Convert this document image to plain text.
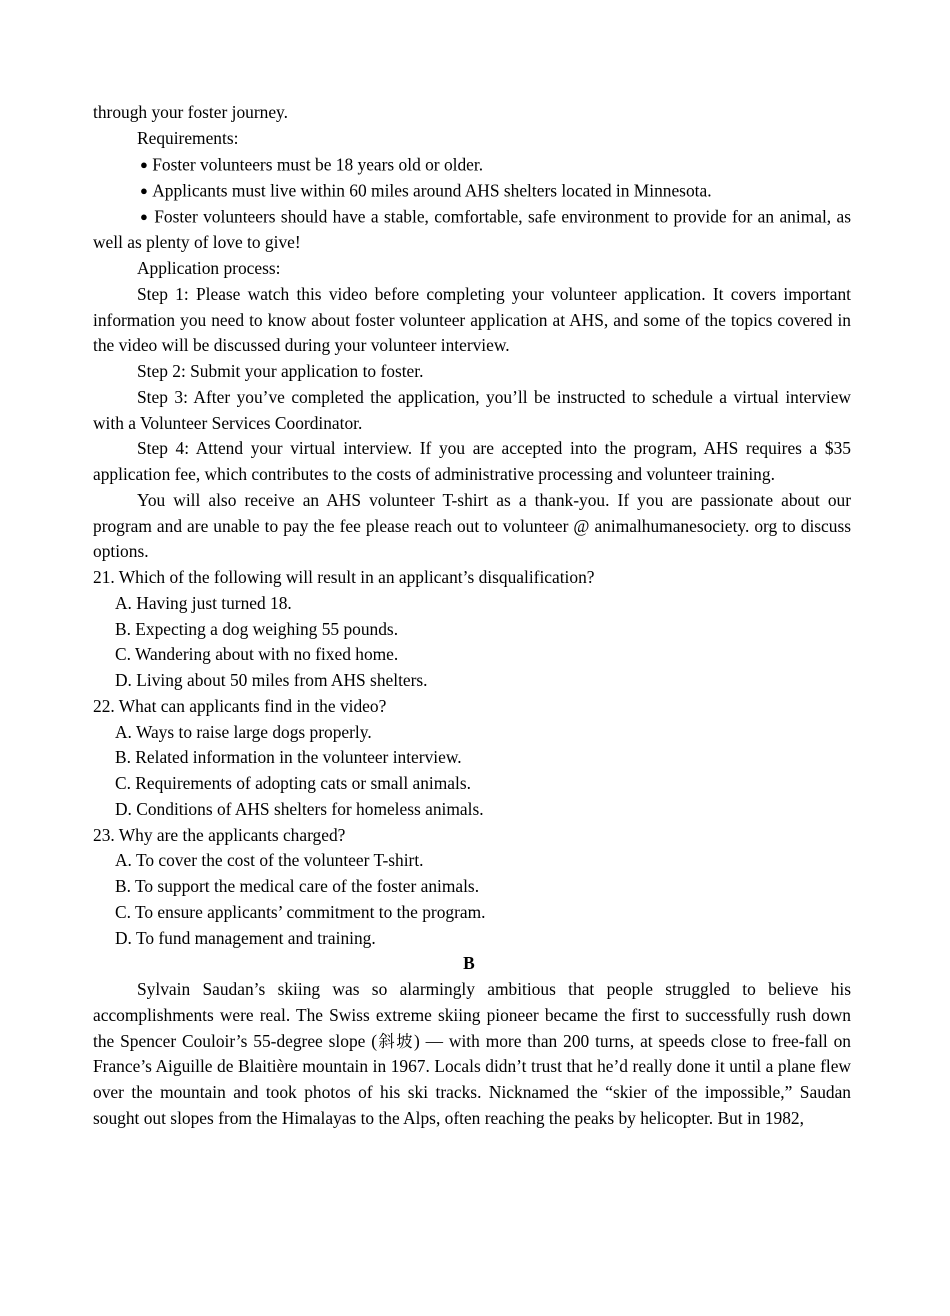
through your foster journey.

Requirements:

● Foster volunteers must be 18 years old or older.

● Applicants must live within 60 miles around AHS shelters located in Minnesota.

● Foster volunteers should have a stable, comfortable, safe environment to provide for an animal, as well as plenty of love to give!

Application process:

Step 1: Please watch this video before completing your volunteer application. It covers important information you need to know about foster volunteer application at AHS, and some of the topics covered in the video will be discussed during your volunteer interview.

Step 2: Submit your application to foster.

Step 3: After you’ve completed the application, you’ll be instructed to schedule a virtual interview with a Volunteer Services Coordinator.

Step 4: Attend your virtual interview. If you are accepted into the program, AHS requires a $35 application fee, which contributes to the costs of administrative processing and volunteer training.

You will also receive an AHS volunteer T-shirt as a thank-you. If you are passionate about our program and are unable to pay the fee please reach out to volunteer @ animalhumanesociety. org to discuss options.

21. Which of the following will result in an applicant’s disqualification?

A. Having just turned 18.

B. Expecting a dog weighing 55 pounds.

C. Wandering about with no fixed home.

D. Living about 50 miles from AHS shelters.

22. What can applicants find in the video?

A. Ways to raise large dogs properly.

B. Related information in the volunteer interview.

C. Requirements of adopting cats or small animals.

D. Conditions of AHS shelters for homeless animals.

23. Why are the applicants charged?

A. To cover the cost of the volunteer T-shirt.

B. To support the medical care of the foster animals.

C. To ensure applicants’ commitment to the program.

D. To fund management and training.

B

Sylvain Saudan’s skiing was so alarmingly ambitious that people struggled to believe his accomplishments were real. The Swiss extreme skiing pioneer became the first to successfully rush down the Spencer Couloir’s 55-degree slope (斜坡) — with more than 200 turns, at speeds close to free-fall on France’s Aiguille de Blaitière mountain in 1967. Locals didn’t trust that he’d really done it until a plane flew over the mountain and took photos of his ski tracks. Nicknamed the “skier of the impossible,” Saudan sought out slopes from the Himalayas to the Alps, often reaching the peaks by helicopter. But in 1982,
